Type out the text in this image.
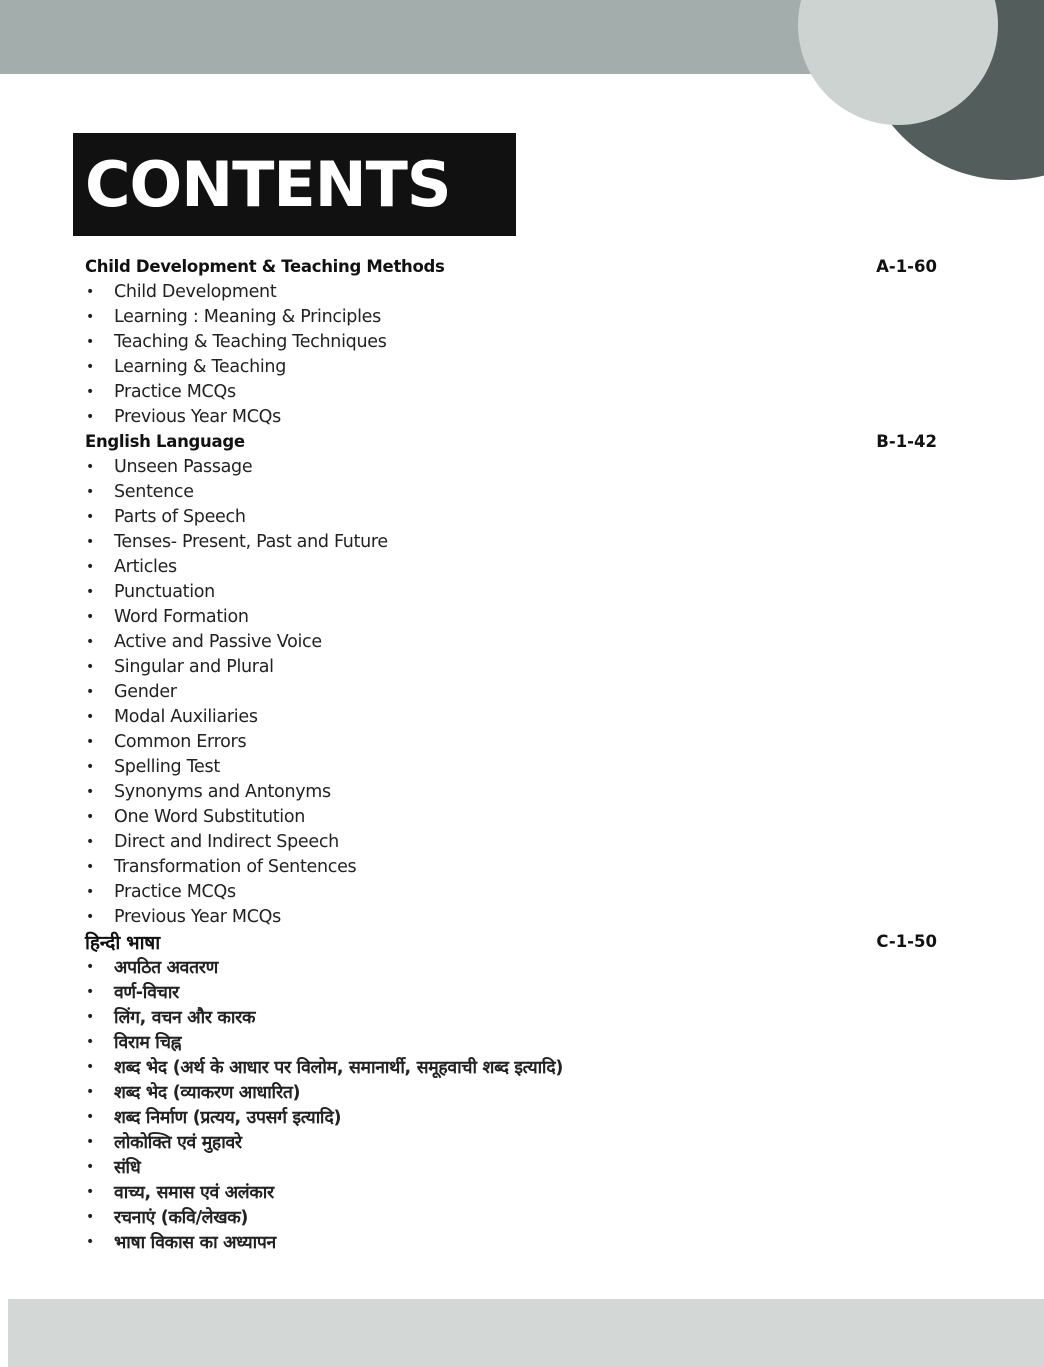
CONTENTS
Child Development & Teaching Methods	A-1-60
•	Child Development
•	Learning : Meaning & Principles
•	Teaching & Teaching Techniques
•	Learning & Teaching
•	Practice MCQs
•	Previous Year MCQs
English Language	B-1-42
•	Unseen Passage
•	Sentence
•	Parts of Speech
•	Tenses- Present, Past and Future
•	Articles
•	Punctuation
•	Word Formation
•	Active and Passive Voice
•	Singular and Plural
•	Gender
•	Modal Auxiliaries
•	Common Errors
•	Spelling Test
•	Synonyms and Antonyms
•	One Word Substitution
•	Direct and Indirect Speech
•	Transformation of Sentences
•	Practice MCQs
•	Previous Year MCQs
हिन्दी भाषा	C-1-50
•	अपठित अवतरण
•	वर्ण-विचार
•	लिंग, वचन और कारक
•	विराम चिह्न
•	शब्द भेद (अर्थ के आधार पर विलोम, समानार्थी, समूहवाची शब्द इत्यादि)
•	शब्द भेद (व्याकरण आधारित)
•	शब्द निर्माण (प्रत्यय, उपसर्ग इत्यादि)
•	लोकोक्ति एवं मुहावरे
•	संधि
•	वाच्य, समास एवं अलंकार
•	रचनाएं (कवि/लेखक)
•	भाषा विकास का अध्यापन
